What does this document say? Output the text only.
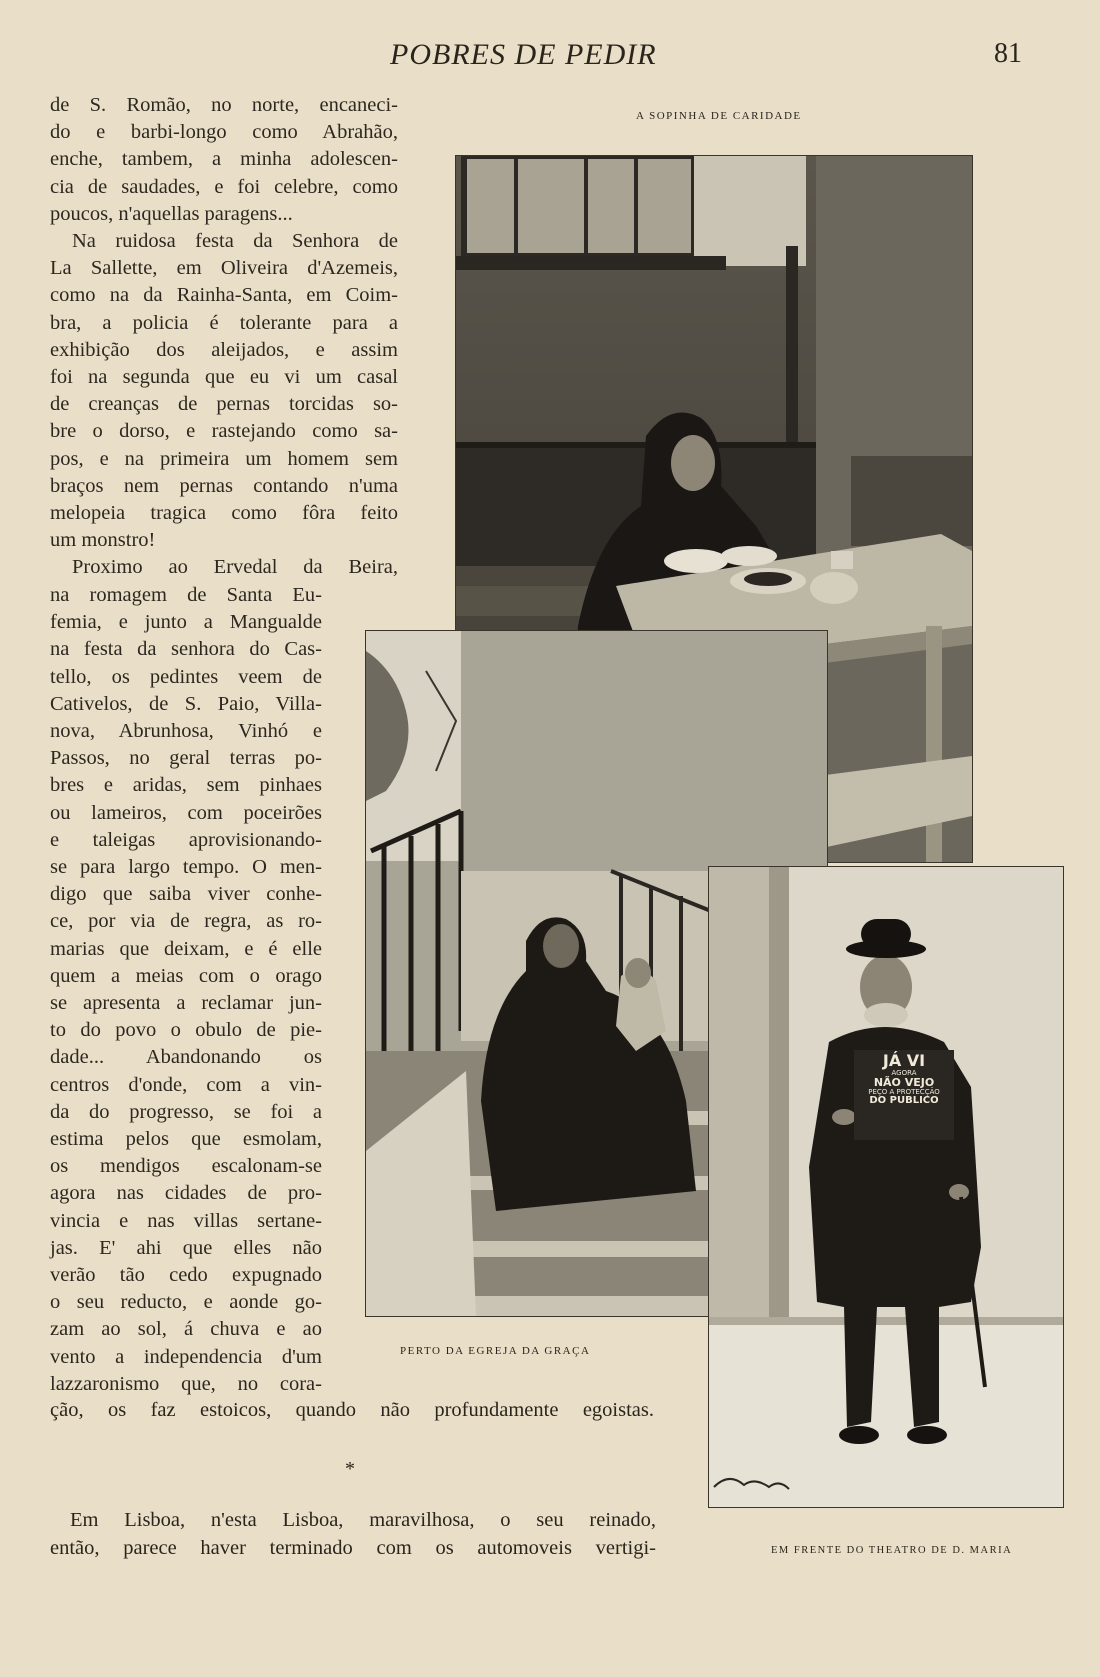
POBRES DE PEDIR	81
de S. Romão, no norte, encaneci-
do e barbi-longo como Abrahão,
enche, tambem, a minha adolescen-
cia de saudades, e foi celebre, como
poucos, n'aquellas paragens...
Na ruidosa festa da Senhora de
La Sallette, em Oliveira d'Azemeis,
como na da Rainha-Santa, em Coim-
bra, a policia é tolerante para a
exhibição dos aleijados, e assim
foi na segunda que eu vi um casal
de creanças de pernas torcidas so-
bre o dorso, e rastejando como sa-
pos, e na primeira um homem sem
braços nem pernas contando n'uma
melopeia tragica como fôra feito
um monstro!
Proximo ao Ervedal da Beira,
na romagem de Santa Eu-
femia, e junto a Mangualde
na festa da senhora do Cas-
tello, os pedintes veem de
Cativelos, de S. Paio, Villa-
nova, Abrunhosa, Vinhó e
Passos, no geral terras po-
bres e aridas, sem pinhaes
ou lameiros, com poceirões
e taleigas aprovisionando-
se para largo tempo. O men-
digo que saiba viver conhe-
ce, por via de regra, as ro-
marias que deixam, e é elle
quem a meias com o orago
se apresenta a reclamar jun-
to do povo o obulo de pie-
dade... Abandonando os
centros d'onde, com a vin-
da do progresso, se foi a
estima pelos que esmolam,
os mendigos escalonam-se
agora nas cidades de pro-
vincia e nas villas sertane-
jas. E' ahi que elles não
verão tão cedo expugnado
o seu reducto, e aonde go-
zam ao sol, á chuva e ao
vento a independencia d'um
lazzaronismo que, no cora-
ção, os faz estoicos, quando não profundamente egoistas.
*
Em Lisboa, n'esta Lisboa, maravilhosa, o seu reinado,
então, parece haver terminado com os automoveis vertigi-
A SOPINHA DE CARIDADE
PERTO DA EGREJA DA GRAÇA
JÁ VI
AGORA
NÃO VEJO
PEÇO A PROTECÇÃO
DO PUBLICO
EM FRENTE DO THEATRO DE D. MARIA
